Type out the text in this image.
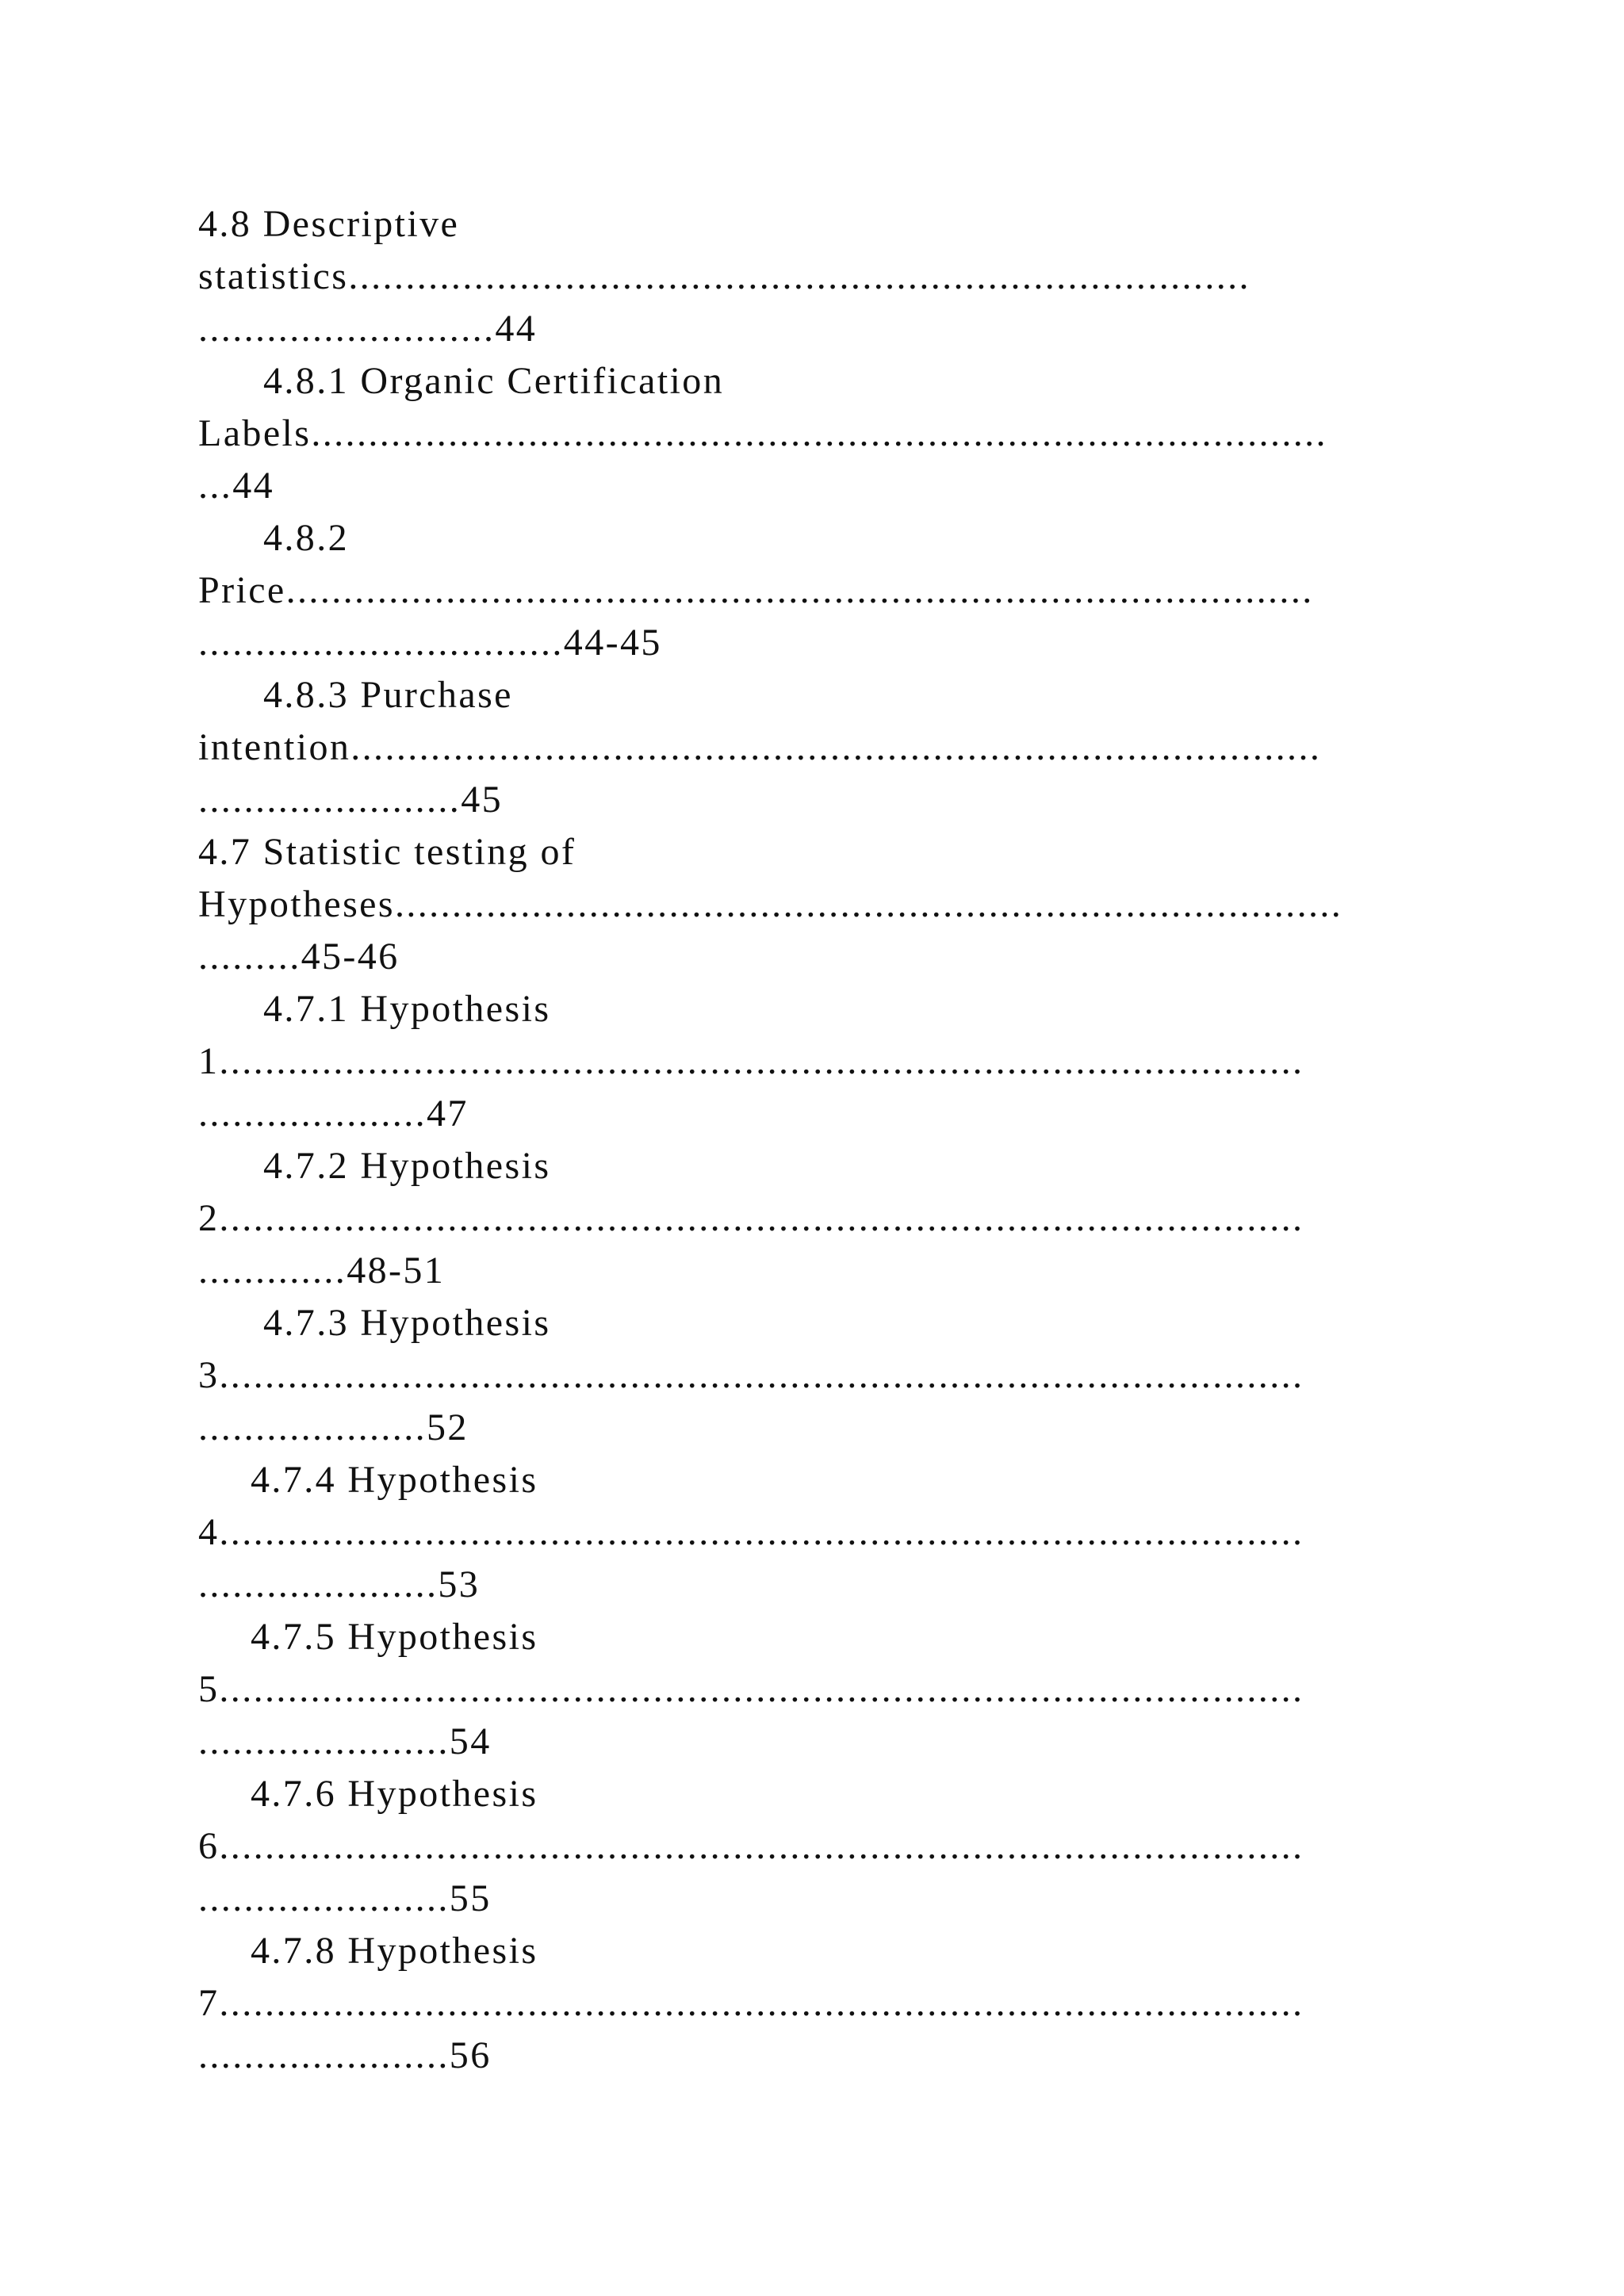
4.8 Descriptive
statistics...............................................................................
..........................44
4.8.1 Organic Certification
Labels.........................................................................................
...44
4.8.2
Price..........................................................................................
................................44-45
4.8.3 Purchase
intention.....................................................................................
.......................45
4.7 Statistic testing of
Hypotheses...................................................................................
.........45-46
4.7.1 Hypothesis
1...............................................................................................
....................47
4.7.2 Hypothesis
2...............................................................................................
.............48-51
4.7.3 Hypothesis
3...............................................................................................
....................52
4.7.4 Hypothesis
4...............................................................................................
.....................53
4.7.5 Hypothesis
5...............................................................................................
......................54
4.7.6 Hypothesis
6...............................................................................................
......................55
4.7.8 Hypothesis
7...............................................................................................
......................56
